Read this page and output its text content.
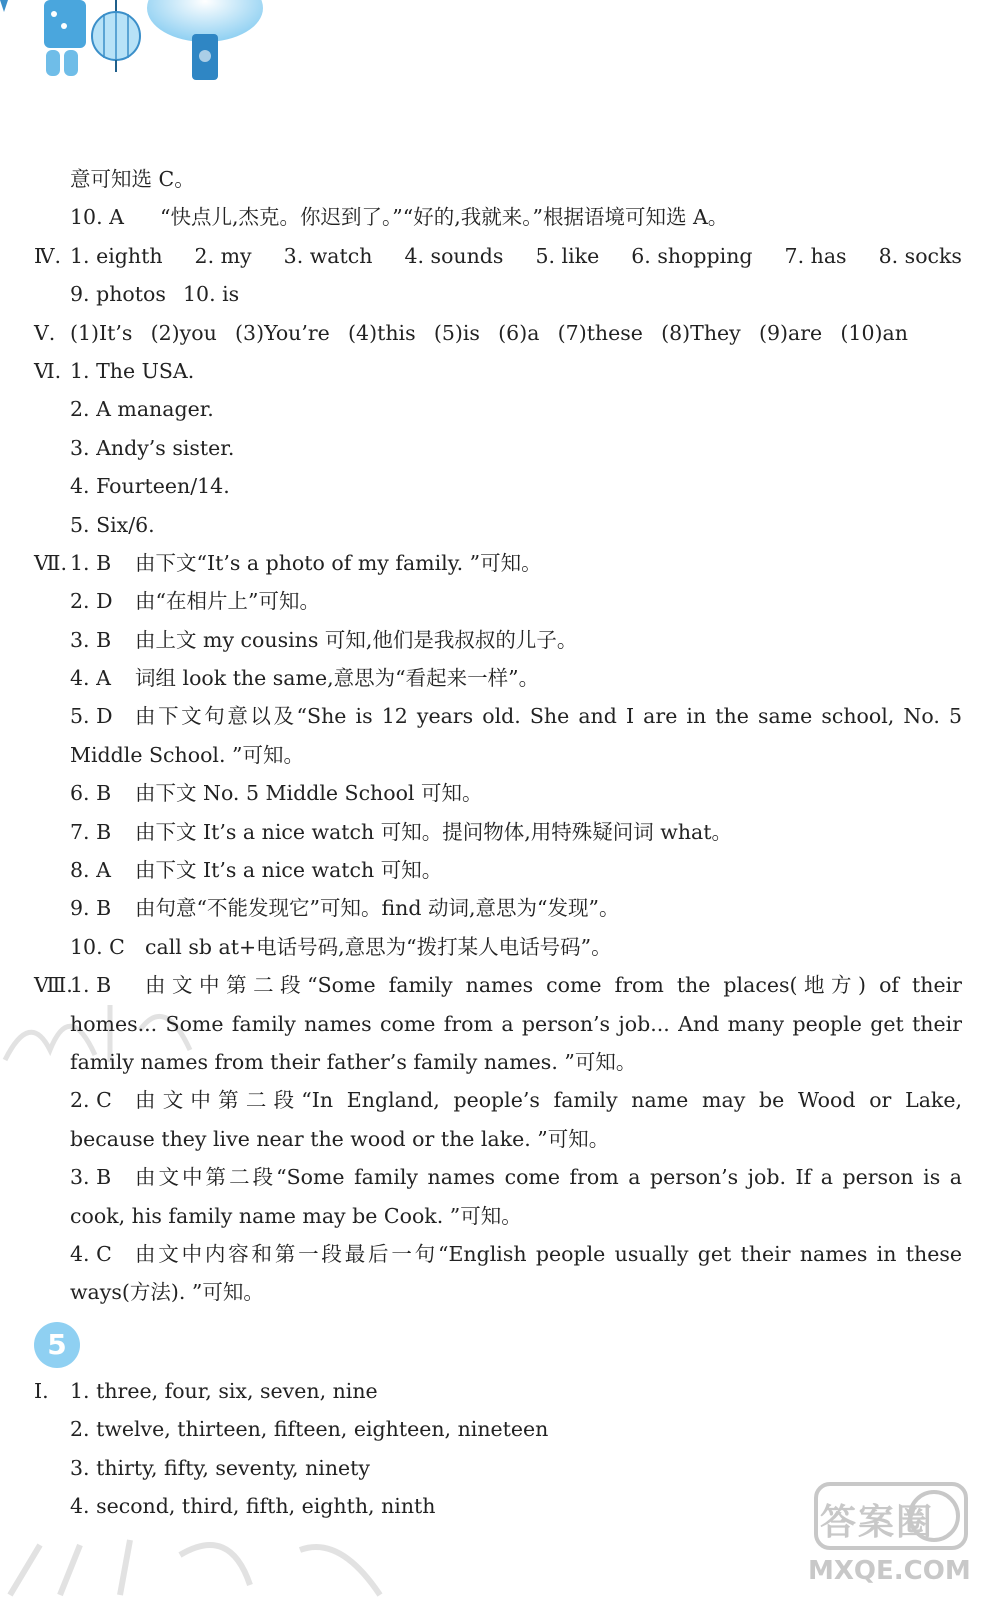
答案圈
MXQE.COM
意可知选 C。
10. A “快点儿,杰克。你迟到了。”“好的,我就来。”根据语境可知选 A。
Ⅳ. 1. eighth 2. my 3. watch 4. sounds 5. like 6. shopping 7. has 8. socks
9. photos 10. is
Ⅴ. (1)It’s (2)you (3)You’re (4)this (5)is (6)a (7)these (8)They (9)are (10)an
Ⅵ. 1. The USA.
2. A manager.
3. Andy’s sister.
4. Fourteen/14.
5. Six/6.
Ⅶ. 1. B 由下文“It’s a photo of my family. ”可知。
2. D 由“在相片上”可知。
3. B 由上文 my cousins 可知,他们是我叔叔的儿子。
4. A 词组 look the same,意思为“看起来一样”。
5. D 由下文句意以及“She is 12 years old. She and I are in the same school, No. 5
Middle School. ”可知。
6. B 由下文 No. 5 Middle School 可知。
7. B 由下文 It’s a nice watch 可知。提问物体,用特殊疑问词 what。
8. A 由下文 It’s a nice watch 可知。
9. B 由句意“不能发现它”可知。find 动词,意思为“发现”。
10. C call sb at+电话号码,意思为“拨打某人电话号码”。
Ⅷ.
1. B 由文中第二段“Some family names come from the places(地方) of their
homes... Some family names come from a person’s job... And many people get their
family names from their father’s family names. ”可知。
2. C 由文中第二段“In England, people’s family name may be Wood or Lake,
because they live near the wood or the lake. ”可知。
3. B 由文中第二段“Some family names come from a person’s job. If a person is a
cook, his family name may be Cook. ”可知。
4. C 由文中内容和第一段最后一句“English people usually get their names in these
ways(方法). ”可知。
5
Ⅰ. 1. three, four, six, seven, nine
2. twelve, thirteen, fifteen, eighteen, nineteen
3. thirty, fifty, seventy, ninety
4. second, third, fifth, eighth, ninth
